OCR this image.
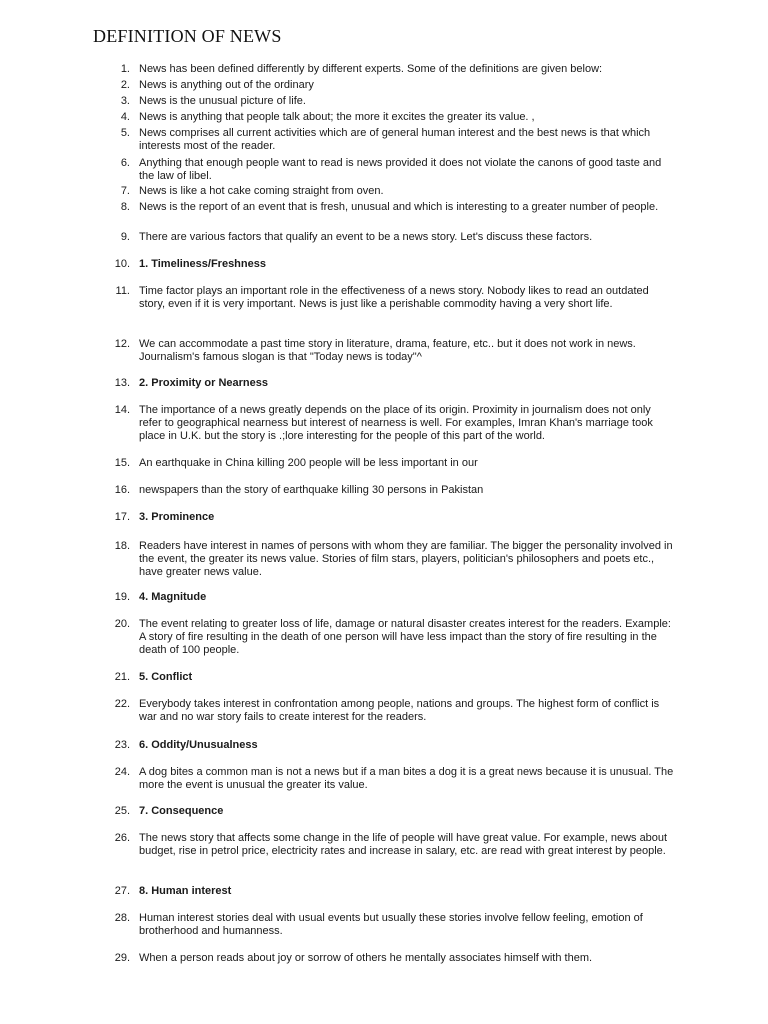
DEFINITION OF NEWS
1. News has been defined differently by different experts. Some of the definitions are given below:
2. News is anything out of the ordinary
3. News is the unusual picture of life.
4. News is anything that people talk about; the more it excites the greater its value. ,
5. News comprises all current activities which are of general human interest and the best news is that which interests most of the reader.
6. Anything that enough people want to read is news provided it does not violate the canons of good taste and the law of libel.
7. News is like a hot cake coming straight from oven.
8. News is the report of an event that is fresh, unusual and which is interesting to a greater number of people.
9. There are various factors that qualify an event to be a news story. Let's discuss these factors.
10. 1. Timeliness/Freshness
11. Time factor plays an important role in the effectiveness of a news story. Nobody likes to read an outdated story, even if it is very important. News is just like a perishable commodity having a very short life.
12. We can accommodate a past time story in literature, drama, feature, etc.. but it does not work in news. Journalism's famous slogan is that "Today news is today"^
13. 2. Proximity or Nearness
14. The importance of a news greatly depends on the place of its origin. Proximity in journalism does not only refer to geographical nearness but interest of nearness is well. For examples, Imran Khan's marriage took place in U.K. but the story is .;lore interesting for the people of this part of the world.
15. An earthquake in China killing 200 people will be less important in our
16. newspapers than the story of earthquake killing 30 persons in Pakistan
17. 3. Prominence
18. Readers have interest in names of persons with whom they are familiar. The bigger the personality involved in the event, the greater its news value. Stories of film stars, players, politician's philosophers and poets etc., have greater news value.
19. 4. Magnitude
20. The event relating to greater loss of life, damage or natural disaster creates interest for the readers. Example: A story of fire resulting in the death of one person will have less impact than the story of fire resulting in the death of 100 people.
21. 5. Conflict
22. Everybody takes interest in confrontation among people, nations and groups. The highest form of conflict is war and no war story fails to create interest for the readers.
23. 6. Oddity/Unusualness
24. A dog bites a common man is not a news but if a man bites a dog it is a great news because it is unusual. The more the event is unusual the greater its value.
25. 7. Consequence
26. The news story that affects some change in the life of people will have great value. For example, news about budget, rise in petrol price, electricity rates and increase in salary, etc. are read with great interest by people.
27. 8. Human interest
28. Human interest stories deal with usual events but usually these stories involve fellow feeling, emotion of brotherhood and humanness.
29. When a person reads about joy or sorrow of others he mentally associates himself with them.
